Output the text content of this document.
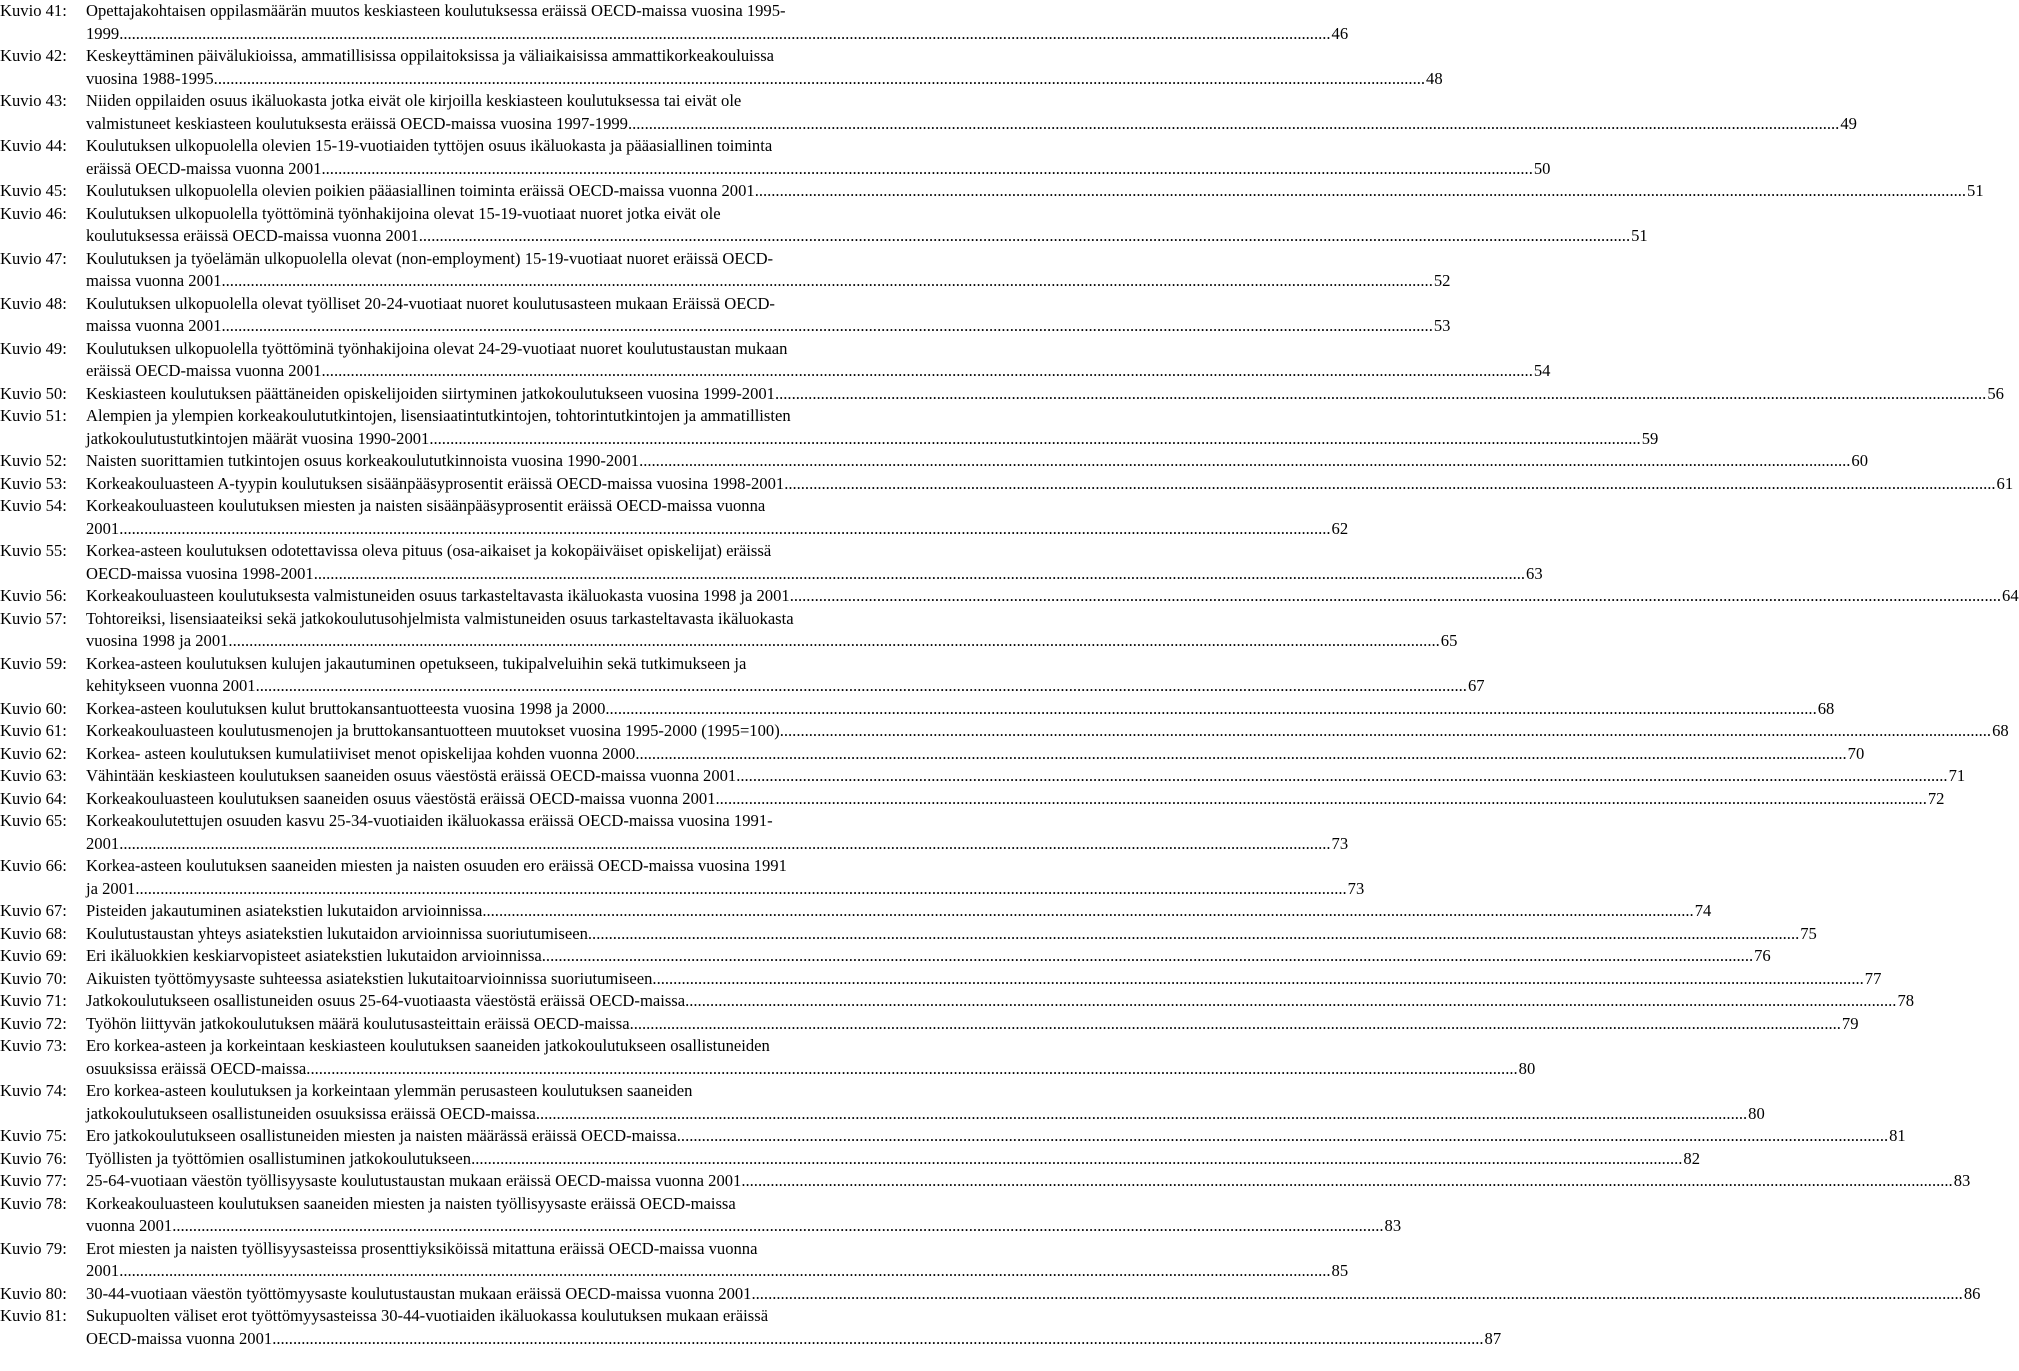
Kuvio 41:	Opettajakohtaisen oppilasmäärän muutos keskiasteen koulutuksessa eräissä OECD-maissa vuosina 1995-
1999 .....	46
Kuvio 42:	Keskeyttäminen päivälukioissa, ammatillisissa oppilaitoksissa ja väliaikaisissa ammattikorkeakouluissa
vuosina 1988-1995 .....	48
Kuvio 43:	Niiden oppilaiden osuus ikäluokasta jotka eivät ole kirjoilla keskiasteen koulutuksessa tai eivät ole
valmistuneet keskiasteen koulutuksesta eräissä OECD-maissa vuosina 1997-1999 .....	49
Kuvio 44:	Koulutuksen ulkopuolella olevien 15-19-vuotiaiden tyttöjen osuus ikäluokasta ja pääasiallinen toiminta
eräissä OECD-maissa vuonna 2001 .....	50
Kuvio 45:	Koulutuksen ulkopuolella olevien poikien pääasiallinen toiminta eräissä OECD-maissa vuonna 2001 .....	51
Kuvio 46:	Koulutuksen ulkopuolella työttöminä työnhakijoina olevat 15-19-vuotiaat nuoret jotka eivät ole
koulutuksessa eräissä OECD-maissa vuonna 2001 .....	51
Kuvio 47:	Koulutuksen ja työelämän ulkopuolella olevat (non-employment) 15-19-vuotiaat nuoret eräissä OECD-
maissa vuonna 2001 .....	52
Kuvio 48:	Koulutuksen ulkopuolella olevat työlliset 20-24-vuotiaat nuoret koulutusasteen mukaan Eräissä OECD-
maissa vuonna 2001 .....	53
Kuvio 49:	Koulutuksen ulkopuolella työttöminä työnhakijoina olevat 24-29-vuotiaat nuoret koulutustaustan mukaan
eräissä OECD-maissa vuonna 2001 .....	54
Kuvio 50:	Keskiasteen koulutuksen päättäneiden opiskelijoiden siirtyminen jatkokoulutukseen vuosina 1999-2001 .....	56
Kuvio 51:	Alempien ja ylempien korkeakoulututkintojen, lisensiaatintutkintojen, tohtorintutkintojen ja ammatillisten
jatkokoulutustutkintojen määrät vuosina 1990-2001 .....	59
Kuvio 52:	Naisten suorittamien tutkintojen osuus korkeakoulututkinnoista vuosina 1990-2001 .....	60
Kuvio 53:	Korkeakouluasteen A-tyypin koulutuksen sisäänpääsyprosentit eräissä OECD-maissa vuosina 1998-2001 .....	61
Kuvio 54:	Korkeakouluasteen koulutuksen miesten ja naisten sisäänpääsyprosentit eräissä OECD-maissa vuonna
2001 .....	62
Kuvio 55:	Korkea-asteen koulutuksen odotettavissa oleva pituus (osa-aikaiset ja kokopäiväiset opiskelijat) eräissä
OECD-maissa vuosina 1998-2001 .....	63
Kuvio 56:	Korkeakouluasteen koulutuksesta valmistuneiden osuus tarkasteltavasta ikäluokasta vuosina 1998 ja 2001 .....	64
Kuvio 57:	Tohtoreiksi, lisensiaateiksi sekä jatkokoulutusohjelmista valmistuneiden osuus tarkasteltavasta ikäluokasta
vuosina 1998 ja 2001 .....	65
Kuvio 59:	Korkea-asteen koulutuksen kulujen jakautuminen opetukseen, tukipalveluihin sekä tutkimukseen ja
kehitykseen vuonna 2001 .....	67
Kuvio 60:	Korkea-asteen koulutuksen kulut bruttokansantuotteesta vuosina 1998 ja 2000 .....	68
Kuvio 61:	Korkeakouluasteen koulutusmenojen ja bruttokansantuotteen muutokset vuosina 1995-2000 (1995=100) .....	68
Kuvio 62:	Korkea- asteen koulutuksen kumulatiiviset menot opiskelijaa kohden vuonna 2000 .....	70
Kuvio 63:	Vähintään keskiasteen koulutuksen saaneiden osuus väestöstä eräissä OECD-maissa vuonna 2001 .....	71
Kuvio 64:	Korkeakouluasteen koulutuksen saaneiden osuus väestöstä eräissä OECD-maissa vuonna 2001 .....	72
Kuvio 65:	Korkeakoulutettujen osuuden kasvu 25-34-vuotiaiden ikäluokassa eräissä OECD-maissa vuosina 1991-
2001 .....	73
Kuvio 66:	Korkea-asteen koulutuksen saaneiden miesten ja naisten osuuden ero eräissä OECD-maissa vuosina 1991
ja 2001 .....	73
Kuvio 67:	Pisteiden jakautuminen asiatekstien lukutaidon arvioinnissa .....	74
Kuvio 68:	Koulutustaustan yhteys asiatekstien lukutaidon arvioinnissa suoriutumiseen .....	75
Kuvio 69:	Eri ikäluokkien keskiarvopisteet asiatekstien lukutaidon arvioinnissa .....	76
Kuvio 70:	Aikuisten työttömyysaste suhteessa asiatekstien lukutaitoarvioinnissa suoriutumiseen .....	77
Kuvio 71:	Jatkokoulutukseen osallistuneiden osuus 25-64-vuotiaasta väestöstä eräissä OECD-maissa .....	78
Kuvio 72:	Työhön liittyvän jatkokoulutuksen määrä koulutusasteittain eräissä OECD-maissa .....	79
Kuvio 73:	Ero korkea-asteen ja korkeintaan keskiasteen koulutuksen saaneiden jatkokoulutukseen osallistuneiden
osuuksissa eräissä OECD-maissa .....	80
Kuvio 74:	Ero korkea-asteen koulutuksen ja korkeintaan ylemmän perusasteen koulutuksen saaneiden
jatkokoulutukseen osallistuneiden osuuksissa eräissä OECD-maissa .....	80
Kuvio 75:	Ero jatkokoulutukseen osallistuneiden miesten ja naisten määrässä eräissä OECD-maissa .....	81
Kuvio 76:	Työllisten ja työttömien osallistuminen jatkokoulutukseen .....	82
Kuvio 77:	25-64-vuotiaan väestön työllisyysaste koulutustaustan mukaan eräissä OECD-maissa vuonna 2001 .....	83
Kuvio 78:	Korkeakouluasteen koulutuksen saaneiden miesten ja naisten työllisyysaste eräissä OECD-maissa
vuonna 2001 .....	83
Kuvio 79:	Erot miesten ja naisten työllisyysasteissa prosenttiyksiköissä mitattuna eräissä OECD-maissa vuonna
2001 .....	85
Kuvio 80:	30-44-vuotiaan väestön työttömyysaste koulutustaustan mukaan eräissä OECD-maissa vuonna 2001 .....	86
Kuvio 81:	Sukupuolten väliset erot työttömyysasteissa 30-44-vuotiaiden ikäluokassa koulutuksen mukaan eräissä
OECD-maissa vuonna 2001 .....	87
